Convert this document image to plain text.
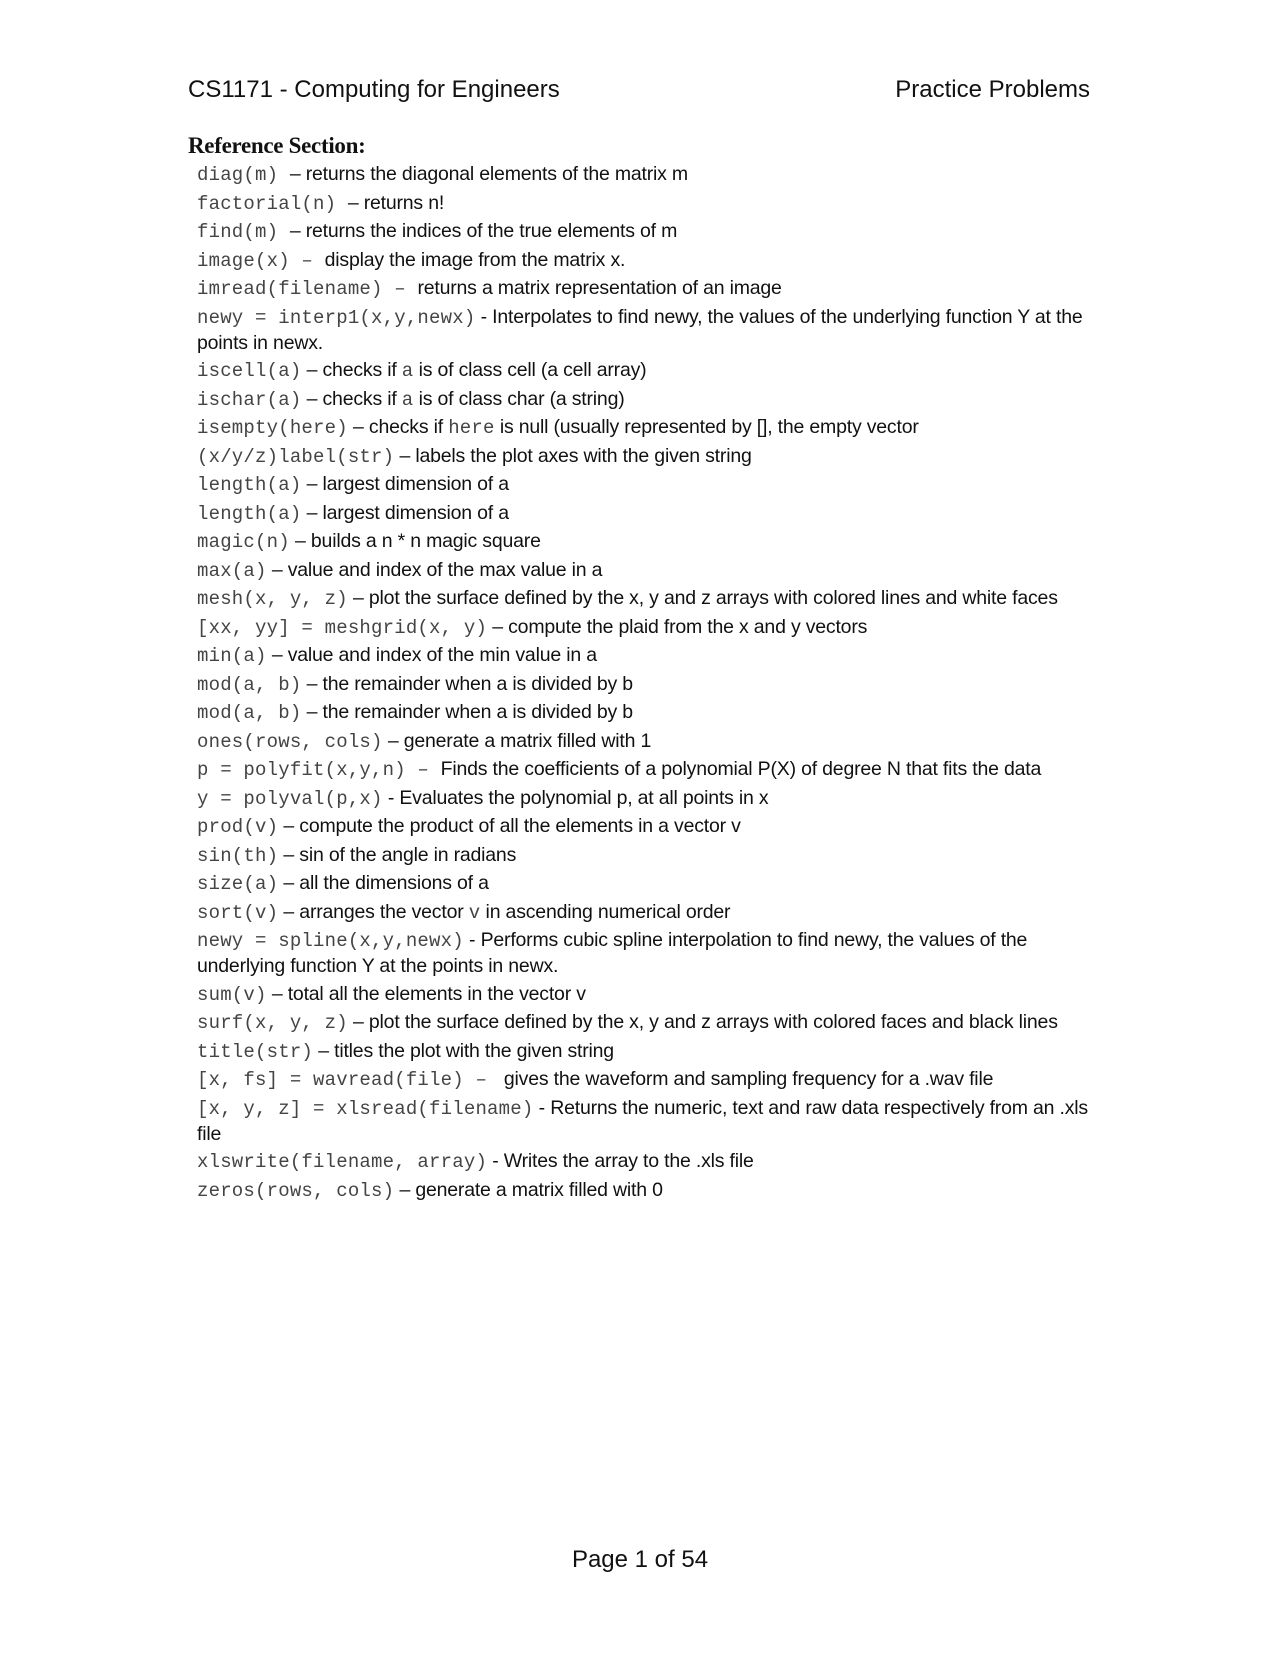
CS1171 - Computing for Engineers	Practice Problems
Reference Section:
diag(m) – returns the diagonal elements of the matrix m
factorial(n) – returns n!
find(m) – returns the indices of the true elements of m
image(x) – display the image from the matrix x.
imread(filename) – returns a matrix representation of an image
newy = interp1(x,y,newx) - Interpolates to find newy, the values of the underlying function Y at the points in newx.
iscell(a) – checks if a is of class cell (a cell array)
ischar(a) – checks if a is of class char (a string)
isempty(here) – checks if here is null (usually represented by [], the empty vector
(x/y/z)label(str) – labels the plot axes with the given string
length(a) – largest dimension of a
length(a) – largest dimension of a
magic(n) – builds a n * n magic square
max(a) – value and index of the max value in a
mesh(x, y, z) – plot the surface defined by the x, y and z arrays with colored lines and white faces
[xx, yy] = meshgrid(x, y) – compute the plaid from the x and y vectors
min(a) – value and index of the min value in a
mod(a, b) – the remainder when a is divided by b
mod(a, b) – the remainder when a is divided by b
ones(rows, cols) – generate a matrix filled with 1
p = polyfit(x,y,n) – Finds the coefficients of a polynomial P(X) of degree N that fits the data
y = polyval(p,x) - Evaluates the polynomial p, at all points in x
prod(v) – compute the product of all the elements in a vector v
sin(th) – sin of the angle in radians
size(a) – all the dimensions of a
sort(v) – arranges the vector v in ascending numerical order
newy = spline(x,y,newx) - Performs cubic spline interpolation to find newy, the values of the underlying function Y at the points in newx.
sum(v) – total all the elements in the vector v
surf(x, y, z) – plot the surface defined by the x, y and z arrays with colored faces and black lines
title(str) – titles the plot with the given string
[x, fs] = wavread(file) –  gives the waveform and sampling frequency for a .wav file
[x, y, z] = xlsread(filename) - Returns the numeric, text and raw data respectively from an .xls file
xlswrite(filename, array) - Writes the array to the .xls file
zeros(rows, cols) – generate a matrix filled with 0
Page 1 of 54
